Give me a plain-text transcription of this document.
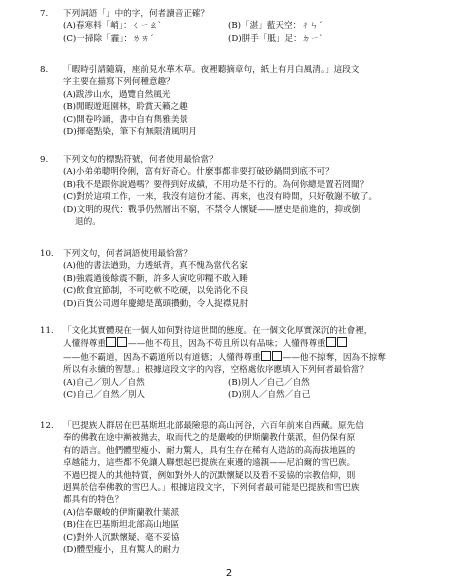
7.	下列詞語「」中的字，何者讀音正確？
(A)春寒料「峭」：ㄑㄧㄠˋ	(B)「湛」藍天空：ㄔㄣˊ
(C)一掃除「霾」：ㄌㄞˊ	(D)胼手「胝」足：ㄉㄧˋ
8.	「暇時引請隨篇，座前見水華木草。夜裡聽摘章句，紙上有月白風清。」這段文
字主要在描寫下列何種意趣？
(A)跋涉山水，過覽自然風光
(B)閒暇遊逛園林，聆賞天籟之趣
(C)開卷吟誦，書中自有雋雅美景
(D)揮毫點染，筆下有無限清風明月
9.	下列文句的標點符號，何者使用最恰當？
(A)小弟弟聰明伶俐，富有好奇心。什麼事都非要打破砂鍋問到底不可？
(B)我不是跟你說過嗎？要得到好成績，不用功是不行的。為何你總是置若罔聞？
(C)對於這項工作，一來，我沒有這份才能、再來，也沒有時間，只好敬謝不敏了。
(D)文明的現代：戰爭仍然層出不窮，不禁令人懷疑——歷史是前進的，抑或倒
退的。
10.	下列文句，何者詞語使用最恰當？
(A)他的書法遒勁，力透紙背，真不愧為當代名家
(B)強震過後餘震不斷，許多人寅吃卯糧不敢入睡
(C)飲食宜節制，不可吃軟不吃硬，以免消化不良
(D)百貨公司週年慶總是萬頭攢動，令人捉襟見肘
11.	「文化其實體現在一個人如何對待這世間的態度。在一個文化厚實深沉的社會裡，
人懂得尊重	——他不苟且，因為不苟且所以有品味；人懂得尊重
——他不霸道，因為不霸道所以有道德；人懂得尊重	——他不掠奪，因為不掠奪
所以有永續的智慧。」根據這段文字的內容，空格處依序應填入下列何者最恰當？
(A)自己／別人／自然	(B)別人／自己／自然
(C)自己／自然／別人	(D)別人／自然／自己
12.	「巴提族人群居在巴基斯坦北部最險惡的高山河谷，六百年前來自西藏。原先信
奉的佛教在途中漸被拋去，取而代之的是嚴峻的伊斯蘭教什葉派，但仍保有原
有的語言。他們體型瘦小、耐力驚人，具有生存在稀有人造訪的高海拔地區的
卓越能力，這些都不免讓人聯想起巴提族在東邊的遠親——尼泊爾的雪巴族。
不過巴提人的其他特質，例如對外人的沉默懷疑以及看不妥協的宗教信仰，則
迥異於信奉佛教的雪巴人。」根據這段文字，下列何者最可能是巴提族和雪巴族
都具有的特色？
(A)信奉嚴峻的伊斯蘭教什葉派
(B)住在巴基斯坦北部高山地區
(C)對外人沉默懷疑、毫不妥協
(D)體型瘦小，且有驚人的耐力
2
